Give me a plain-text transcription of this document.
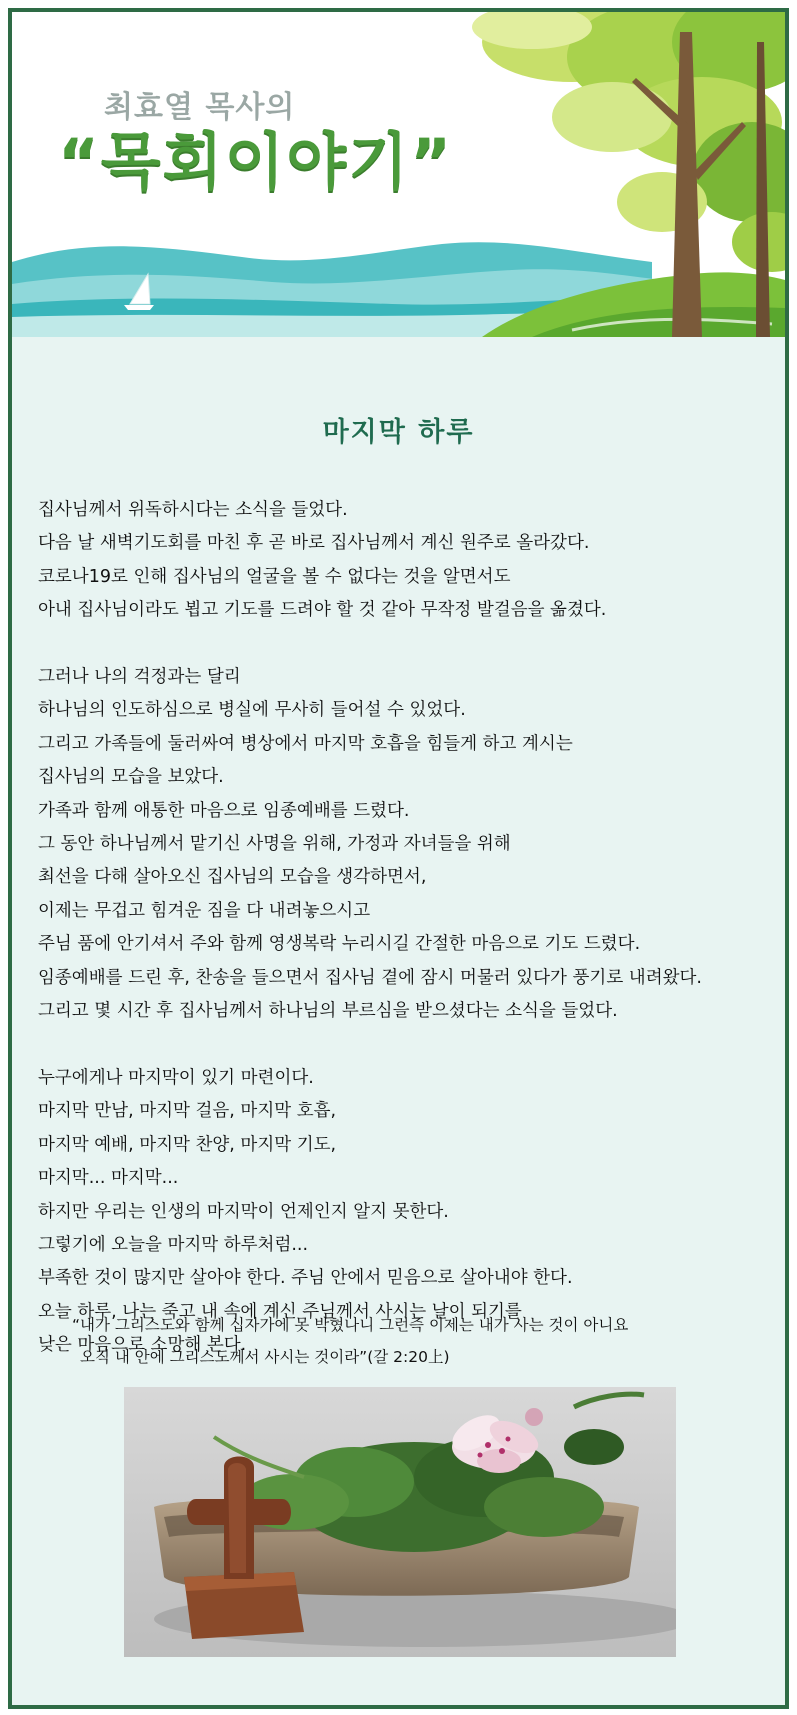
최효열 목사의
“목회이야기”
마지막 하루
집사님께서 위독하시다는 소식을 들었다.
다음 날 새벽기도회를 마친 후 곧 바로 집사님께서 계신 원주로 올라갔다.
코로나19로 인해 집사님의 얼굴을 볼 수 없다는 것을 알면서도
아내 집사님이라도 뵙고 기도를 드려야 할 것 같아 무작정 발걸음을 옮겼다.
그러나 나의 걱정과는 달리
하나님의 인도하심으로 병실에 무사히 들어설 수 있었다.
그리고 가족들에 둘러싸여 병상에서 마지막 호흡을 힘들게 하고 계시는
집사님의 모습을 보았다.
가족과 함께 애통한 마음으로 임종예배를 드렸다.
그 동안 하나님께서 맡기신 사명을 위해, 가정과 자녀들을 위해
최선을 다해 살아오신 집사님의 모습을 생각하면서,
이제는 무겁고 힘겨운 짐을 다 내려놓으시고
주님 품에 안기셔서 주와 함께 영생복락 누리시길 간절한 마음으로 기도 드렸다.
임종예배를 드린 후, 찬송을 들으면서 집사님 곁에 잠시 머물러 있다가 풍기로 내려왔다.
그리고 몇 시간 후 집사님께서 하나님의 부르심을 받으셨다는 소식을 들었다.
누구에게나 마지막이 있기 마련이다.
마지막 만남, 마지막 걸음, 마지막 호흡,
마지막 예배, 마지막 찬양, 마지막 기도,
마지막... 마지막...
하지만 우리는 인생의 마지막이 언제인지 알지 못한다.
그렇기에 오늘을 마지막 하루처럼...
부족한 것이 많지만 살아야 한다. 주님 안에서 믿음으로 살아내야 한다.
오늘 하루, 나는 죽고 내 속에 계신 주님께서 사시는 날이 되기를
낮은 마음으로 소망해 본다.
“내가 그리스도와 함께 십자가에 못 박혔나니 그런즉 이제는 내가 사는 것이 아니요
오직 내 안에 그리스도께서 사시는 것이라”(갈 2:20上)
